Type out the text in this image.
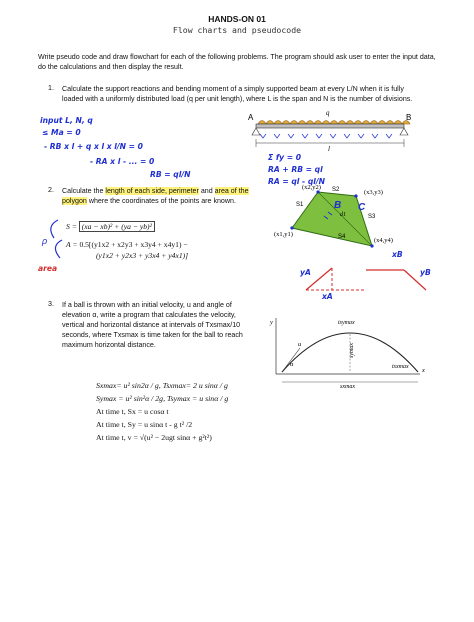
HANDS-ON 01
Flow charts and pseudocode
Write pseudo code and draw flowchart for each of the following problems. The program should ask user to enter the input data, do the calculations and then display the result.
1. Calculate the support reactions and bending moment of a simply supported beam at every L/N when it is fully loaded with a uniformly distributed load (q per unit length), where L is the span and N is the number of divisions.
input L, N, q
≤ Ma = 0
- RB x l + q x l x l/N = 0
- RA x l - ... = 0
RB = ql/N
Σ fy = 0
RA + RB = ql
RA = ql - ql/N
A	B
q
l
2. Calculate the length of each side, perimeter and area of the polygon where the coordinates of the points are known.
S = (xa − xb)² + (ya − yb)²
A = 0.5[(y1x2 + x2y3 + x3y4 + x4y1) −
(y1x2 + y2x3 + y3x4 + y4x1)]
area
ρ
(x1,y1)
(x2,y2)
(x3,y3)
(x4,y4)
S1
S2
S3
S4
d1
B C
yA	yB
xA
xB
3. If a ball is thrown with an initial velocity, u and angle of elevation α, write a program that calculates the velocity, vertical and horizontal distance at intervals of Txsmax/10 seconds, where Txsmax is time taken for the ball to reach maximum horizontal distance.
y
x
α
u
tsymax
symax
sxmax
tsxmax
Sxmax= u² sin2α / g, Tsxmax= 2 u sinα / g
Symax = u² sin²α / 2g, Tsymax = u sinα / g
At time t, Sx = u cosα t
At time t, Sy = u sinα t - g t² /2
At time t, v = √(u² − 2ugt sinα + g²t²)
